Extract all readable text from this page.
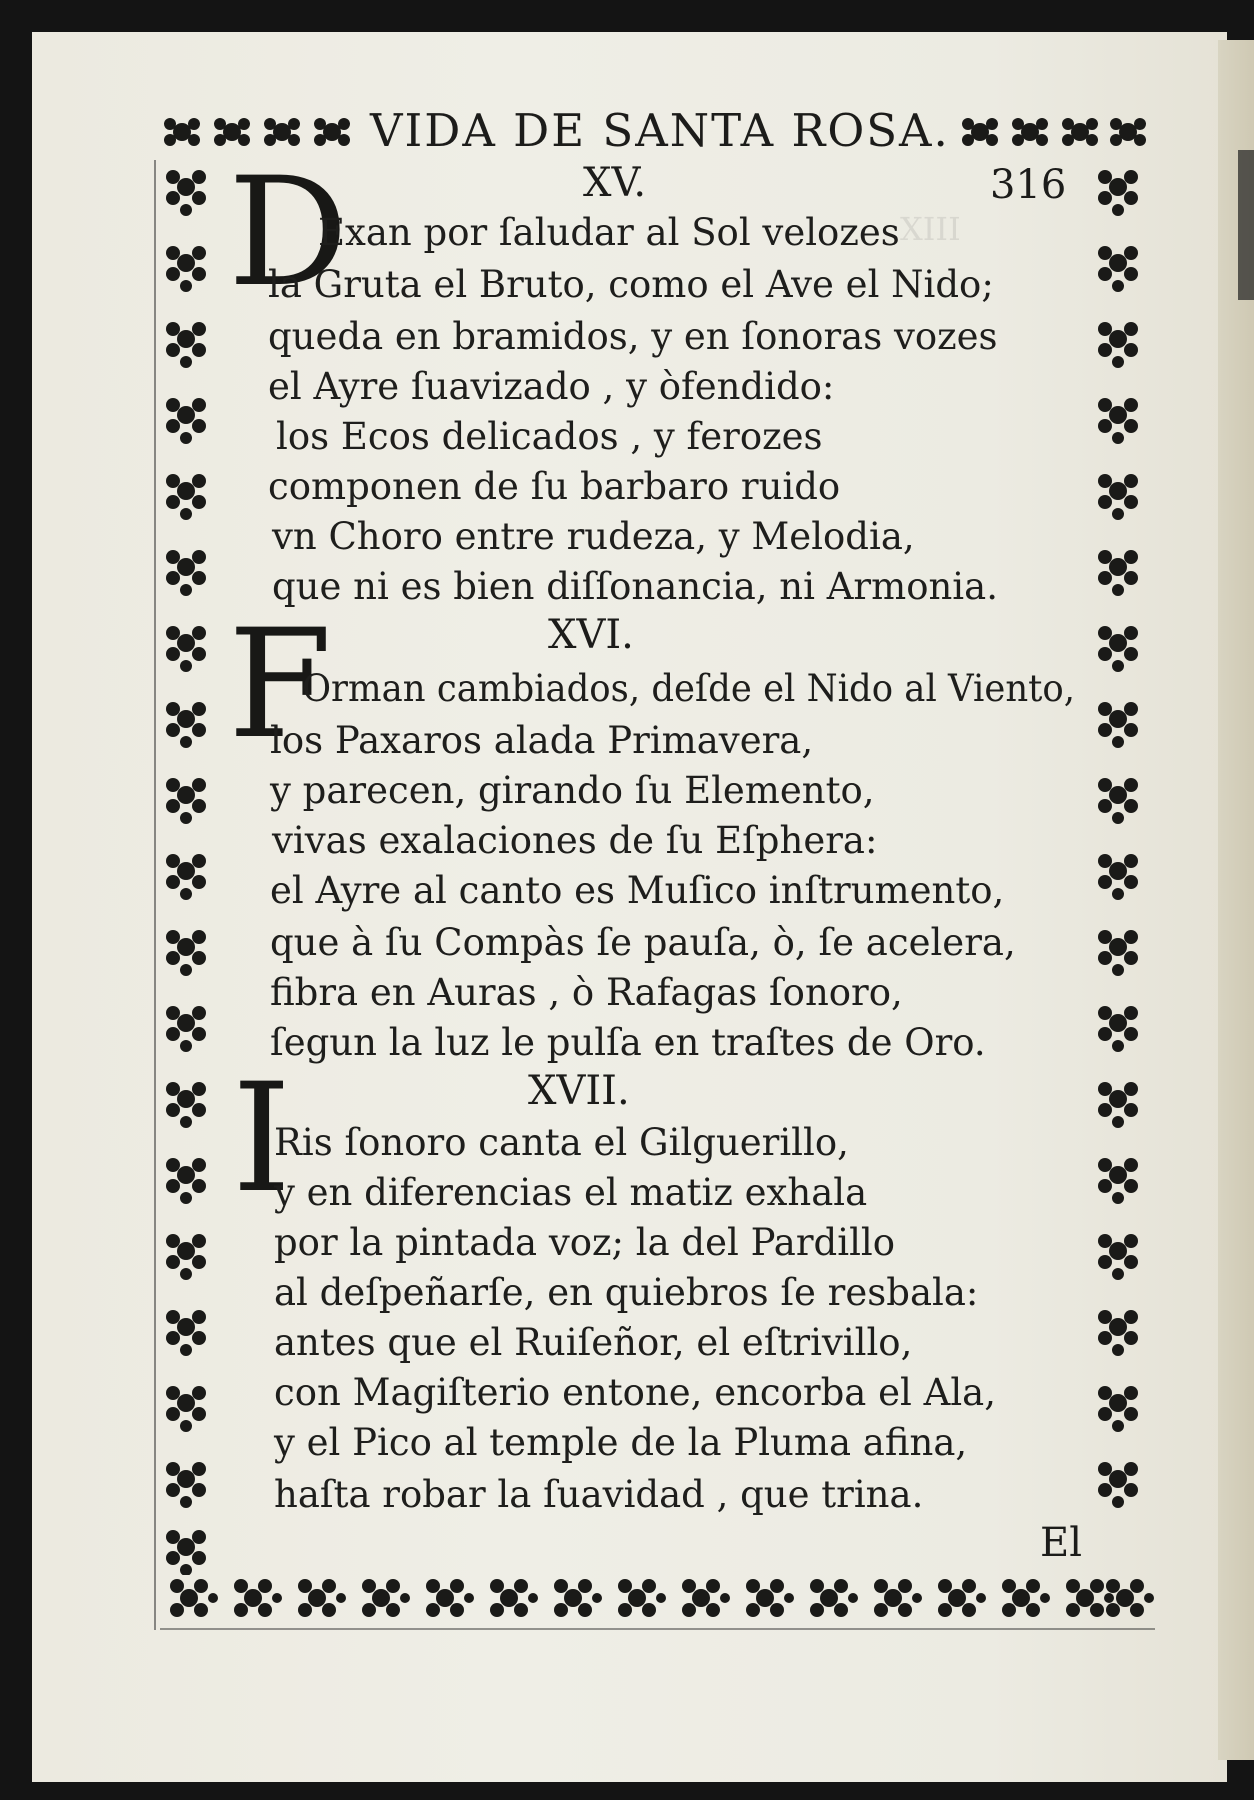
XIII
VIDA DE SANTA ROSA.
316
XV.
D
Exan por ſaludar al Sol velozes
la Gruta el Bruto, como el Ave el Nido;
queda en bramidos, y en ſonoras vozes
el Ayre ſuavizado , y òfendido:
los Ecos delicados , y ferozes
componen de ſu barbaro ruido
vn Choro entre rudeza, y Melodia,
que ni es bien diſſonancia, ni Armonia.
XVI.
F
Orman cambiados, deſde el Nido al Viento,
los Paxaros alada Primavera,
y parecen, girando ſu Elemento,
vivas exalaciones de ſu Eſphera:
el Ayre al canto es Muſico inſtrumento,
que à ſu Compàs ſe pauſa, ò, ſe acelera,
fibra en Auras , ò Rafagas ſonoro,
ſegun la luz le pulſa en traſtes de Oro.
XVII.
I
Ris ſonoro canta el Gilguerillo,
y en diferencias el matiz exhala
por la pintada voz; la del Pardillo
al deſpeñarſe, en quiebros ſe resbala:
antes que el Ruiſeñor, el eſtrivillo,
con Magiſterio entone, encorba el Ala,
y el Pico al temple de la Pluma afina,
haſta robar la ſuavidad , que trina.
El
